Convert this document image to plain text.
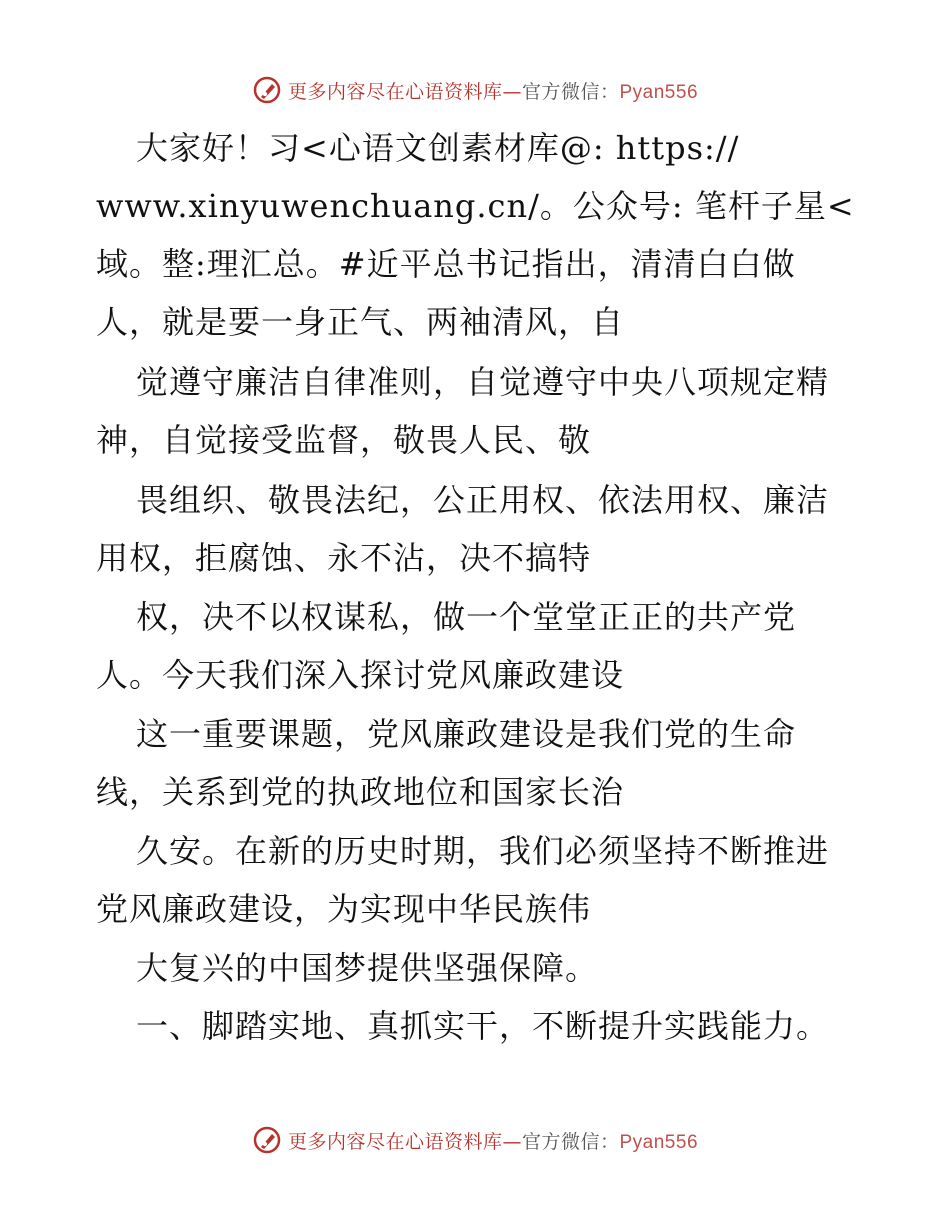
更多内容尽在心语资料库—官方微信：Pyan556
大家好！习<心语文创素材库@: https://
www.xinyuwenchuang.cn/。公众号: 笔杆子星<
域。整:理汇总。#近平总书记指出，清清白白做
人，就是要一身正气、两袖清风，自
觉遵守廉洁自律准则，自觉遵守中央八项规定精
神，自觉接受监督，敬畏人民、敬
畏组织、敬畏法纪，公正用权、依法用权、廉洁
用权，拒腐蚀、永不沾，决不搞特
权，决不以权谋私，做一个堂堂正正的共产党
人。今天我们深入探讨党风廉政建设
这一重要课题，党风廉政建设是我们党的生命
线，关系到党的执政地位和国家长治
久安。在新的历史时期，我们必须坚持不断推进
党风廉政建设，为实现中华民族伟
大复兴的中国梦提供坚强保障。
一、脚踏实地、真抓实干，不断提升实践能力。
更多内容尽在心语资料库—官方微信：Pyan556
